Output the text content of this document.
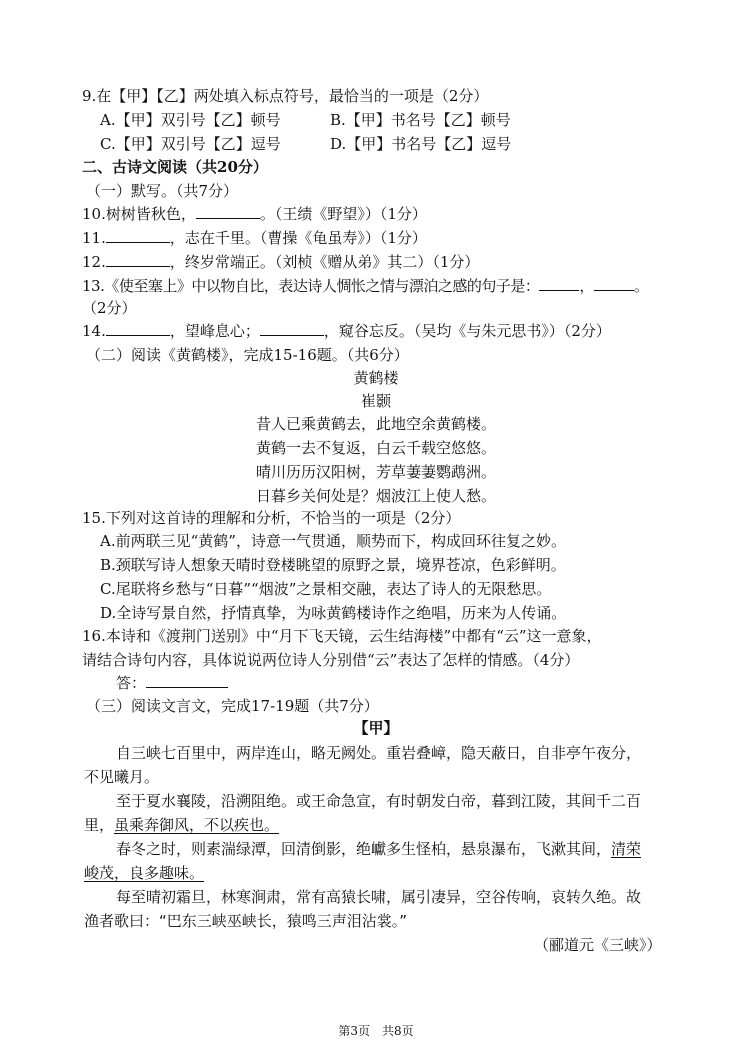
9.在【甲】【乙】两处填入标点符号，最恰当的一项是（2分）
A.【甲】双引号【乙】顿号	B.【甲】书名号【乙】顿号
C.【甲】双引号【乙】逗号	D.【甲】书名号【乙】逗号
二、古诗文阅读（共20分）
（一）默写。（共7分）
10.树树皆秋色，	。（王绩《野望》）（1分）
11.	，志在千里。（曹操《龟虽寿》）（1分）
12.	，终岁常端正。（刘桢《赠从弟》其二）（1分）
13.《使至塞上》中以物自比，表达诗人惆怅之情与漂泊之感的句子是：	，	。
（2分）
14.	，望峰息心；	，窥谷忘反。（吴均《与朱元思书》）（2分）
（二）阅读《黄鹤楼》，完成15-16题。（共6分）
黄鹤楼
崔颢
昔人已乘黄鹤去，此地空余黄鹤楼。
黄鹤一去不复返，白云千载空悠悠。
晴川历历汉阳树，芳草萋萋鹦鹉洲。
日暮乡关何处是？烟波江上使人愁。
15.下列对这首诗的理解和分析，不恰当的一项是（2分）
A.前两联三见“黄鹤”，诗意一气贯通，顺势而下，构成回环往复之妙。
B.颈联写诗人想象天晴时登楼眺望的原野之景，境界苍凉，色彩鲜明。
C.尾联将乡愁与“日暮”“烟波”之景相交融，表达了诗人的无限愁思。
D.全诗写景自然，抒情真挚，为咏黄鹤楼诗作之绝唱，历来为人传诵。
16.本诗和《渡荆门送别》中“月下飞天镜，云生结海楼”中都有“云”这一意象，
请结合诗句内容，具体说说两位诗人分别借“云”表达了怎样的情感。（4分）
答：
（三）阅读文言文，完成17-19题（共7分）
【甲】
自三峡七百里中，两岸连山，略无阙处。重岩叠嶂，隐天蔽日，自非亭午夜分，
不见曦月。
至于夏水襄陵，沿溯阻绝。或王命急宣，有时朝发白帝，暮到江陵，其间千二百
里，虽乘奔御风，不以疾也。
春冬之时，则素湍绿潭，回清倒影，绝巘多生怪柏，悬泉瀑布，飞漱其间，清荣
峻茂，良多趣味。
每至晴初霜旦，林寒涧肃，常有高猿长啸，属引凄异，空谷传响，哀转久绝。故
渔者歌曰：“巴东三峡巫峡长，猿鸣三声泪沾裳。”
（郦道元《三峡》）
第3页　共8页
